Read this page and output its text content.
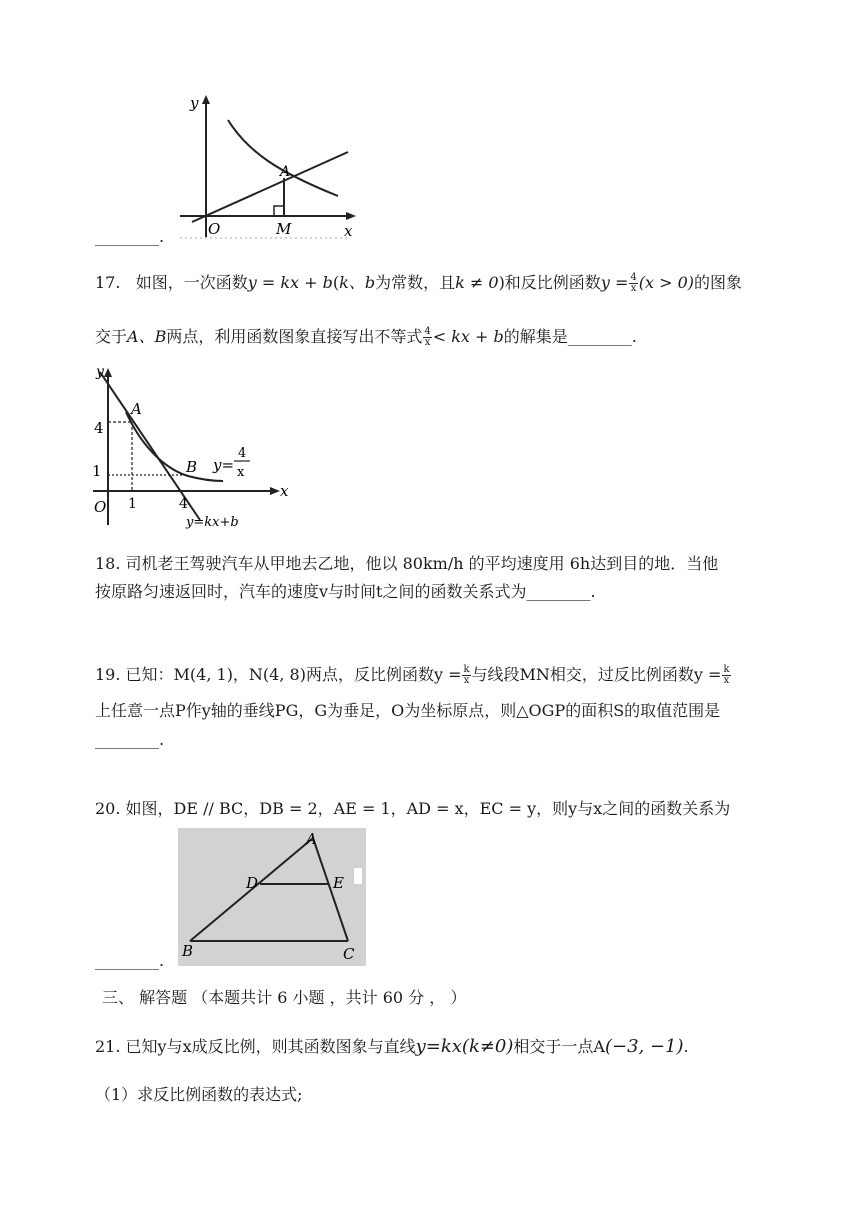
y
A
O	M	x
________.
17. 如图，一次函数y = kx + b(k、b为常数，且k ≠ 0)和反比例函数$y = \frac{4}{x} (x > 0)$的图象
交于A、B两点，利用函数图象直接写出不等式 $\frac{4}{x}$ < kx + b的解集是________.
y
A
B
4
1
1	4
O
x
y=
4
x
y=kx+b
18. 司机老王驾驶汽车从甲地去乙地，他以 80km/h 的平均速度用 6h达到目的地．当他
按原路匀速返回时，汽车的速度v与时间t之间的函数关系式为________.
19. 已知：M(4, 1)，N(4, 8)两点，反比例函数$y = \frac{k}{x}$ 与线段MN相交，过反比例函数$y = \frac{k}{x}$
上任意一点P作y轴的垂线PG，G为垂足，O为坐标原点，则△OGP的面积S的取值范围是
________.
20. 如图，DE // BC，DB = 2，AE = 1，AD = x，EC = y，则y与x之间的函数关系为
A
D	E
B	C
________.
三、 解答题 （本题共计 6 小题 ，共计 60 分 ， ）
21. 已知y与x成反比例，则其函数图象与直线y=kx(k≠0)相交于一点A(−3, −1).
（1）求反比例函数的表达式;
